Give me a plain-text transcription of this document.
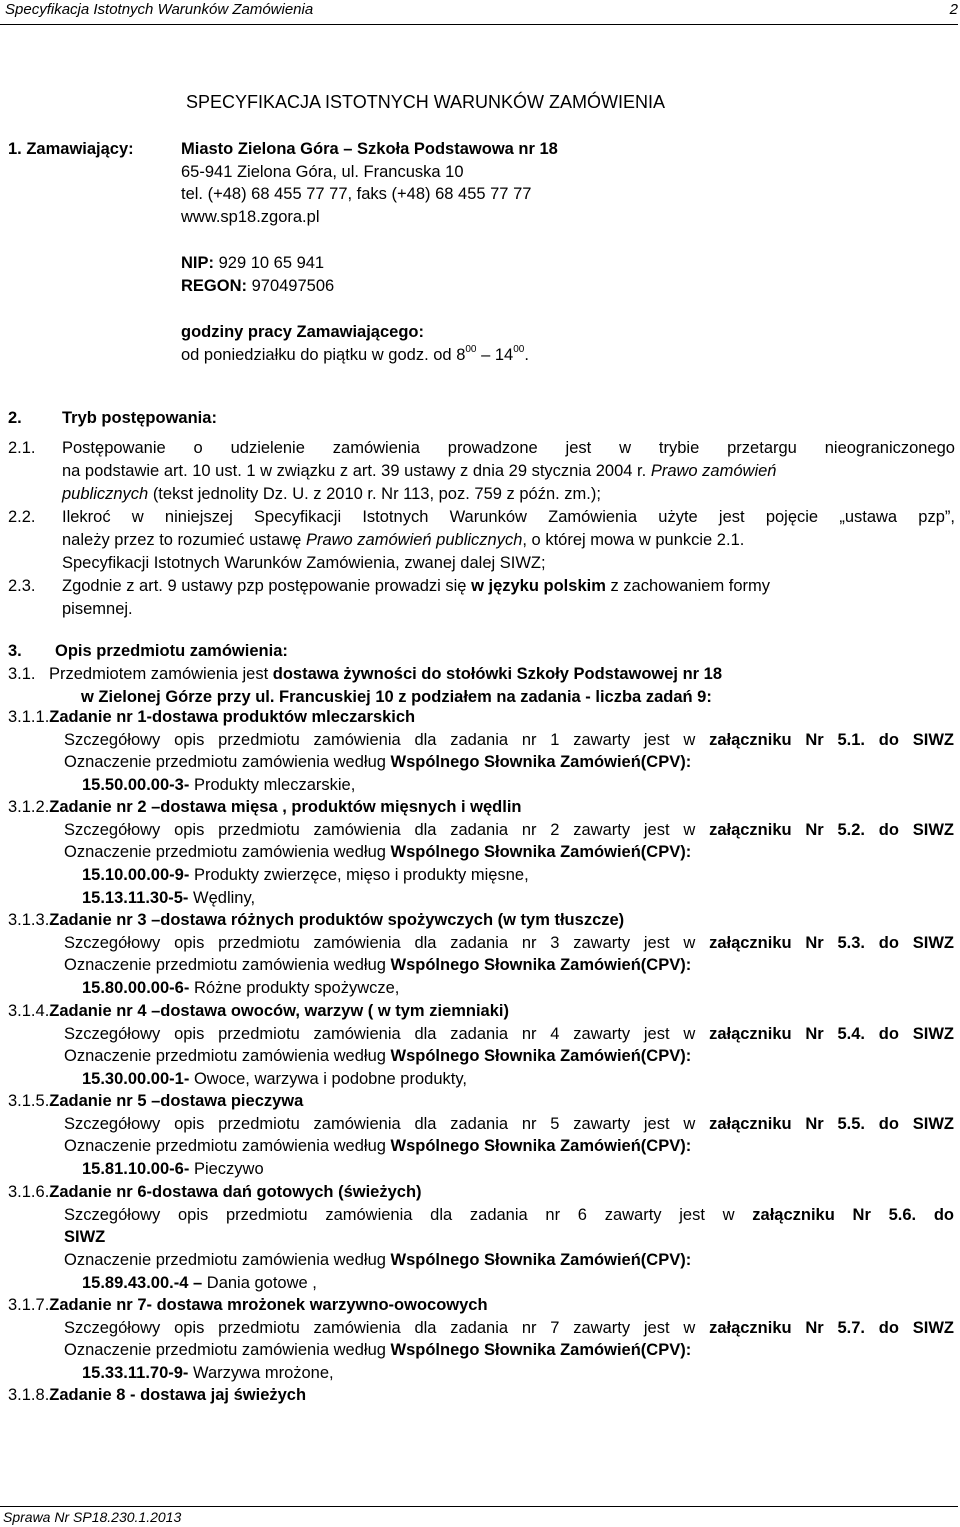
Specyfikacja Istotnych Warunków Zamówienia	2
SPECYFIKACJA ISTOTNYCH WARUNKÓW ZAMÓWIENIA
1. Zamawiający:	Miasto Zielona Góra – Szkoła Podstawowa nr 18
65-941 Zielona Góra, ul. Francuska 10
tel. (+48) 68 455 77 77, faks (+48) 68 455 77 77
www.sp18.zgora.pl
NIP: 929 10 65 941
REGON: 970497506
godziny pracy Zamawiającego:
od poniedziałku do piątku w godz. od $8^{00} - 14^{00}$.
2. Tryb postępowania:
2.1. Postępowanie o udzielenie zamówienia prowadzone jest w trybie przetargu nieograniczonego
na podstawie art. 10 ust. 1 w związku z art. 39 ustawy z dnia 29 stycznia 2004 r. Prawo zamówień
publicznych (tekst jednolity Dz. U. z 2010 r. Nr 113, poz. 759 z późn. zm.);
2.2. Ilekroć w niniejszej Specyfikacji Istotnych Warunków Zamówienia użyte jest pojęcie „ustawa pzp”,
należy przez to rozumieć ustawę Prawo zamówień publicznych, o której mowa w punkcie 2.1.
Specyfikacji Istotnych Warunków Zamówienia, zwanej dalej SIWZ;
2.3. Zgodnie z art. 9 ustawy pzp postępowanie prowadzi się w języku polskim z zachowaniem formy
pisemnej.
3. Opis przedmiotu zamówienia:
3.1. Przedmiotem zamówienia jest dostawa żywności do stołówki Szkoły Podstawowej nr 18
w Zielonej Górze przy ul. Francuskiej 10 z podziałem na zadania - liczba zadań 9:
3.1.1.Zadanie nr 1-dostawa produktów mleczarskich
Szczegółowy opis przedmiotu zamówienia dla zadania nr 1 zawarty jest w załączniku Nr 5.1. do SIWZ
Oznaczenie przedmiotu zamówienia według Wspólnego Słownika Zamówień(CPV):
15.50.00.00-3- Produkty mleczarskie,
3.1.2.Zadanie nr 2 –dostawa mięsa , produktów mięsnych i wędlin
Szczegółowy opis przedmiotu zamówienia dla zadania nr 2 zawarty jest w załączniku Nr 5.2. do SIWZ
Oznaczenie przedmiotu zamówienia według Wspólnego Słownika Zamówień(CPV):
15.10.00.00-9- Produkty zwierzęce, mięso i produkty mięsne,
15.13.11.30-5- Wędliny,
3.1.3.Zadanie nr 3 –dostawa różnych produktów spożywczych (w tym tłuszcze)
Szczegółowy opis przedmiotu zamówienia dla zadania nr 3 zawarty jest w załączniku Nr 5.3. do SIWZ
Oznaczenie przedmiotu zamówienia według Wspólnego Słownika Zamówień(CPV):
15.80.00.00-6- Różne produkty spożywcze,
3.1.4.Zadanie nr 4 –dostawa owoców, warzyw ( w tym ziemniaki)
Szczegółowy opis przedmiotu zamówienia dla zadania nr 4 zawarty jest w załączniku Nr 5.4. do SIWZ
Oznaczenie przedmiotu zamówienia według Wspólnego Słownika Zamówień(CPV):
15.30.00.00-1- Owoce, warzywa i podobne produkty,
3.1.5.Zadanie nr 5 –dostawa pieczywa
Szczegółowy opis przedmiotu zamówienia dla zadania nr 5 zawarty jest w załączniku Nr 5.5. do SIWZ
Oznaczenie przedmiotu zamówienia według Wspólnego Słownika Zamówień(CPV):
15.81.10.00-6- Pieczywo
3.1.6.Zadanie nr 6-dostawa dań gotowych (świeżych)
Szczegółowy opis przedmiotu zamówienia dla zadania nr 6 zawarty jest w załączniku Nr 5.6. do
SIWZ
Oznaczenie przedmiotu zamówienia według Wspólnego Słownika Zamówień(CPV):
15.89.43.00.-4 – Dania gotowe ,
3.1.7.Zadanie nr 7- dostawa mrożonek warzywno-owocowych
Szczegółowy opis przedmiotu zamówienia dla zadania nr 7 zawarty jest w załączniku Nr 5.7. do SIWZ
Oznaczenie przedmiotu zamówienia według Wspólnego Słownika Zamówień(CPV):
15.33.11.70-9- Warzywa mrożone,
3.1.8.Zadanie 8 - dostawa jaj świeżych
Sprawa Nr SP18.230.1.2013
